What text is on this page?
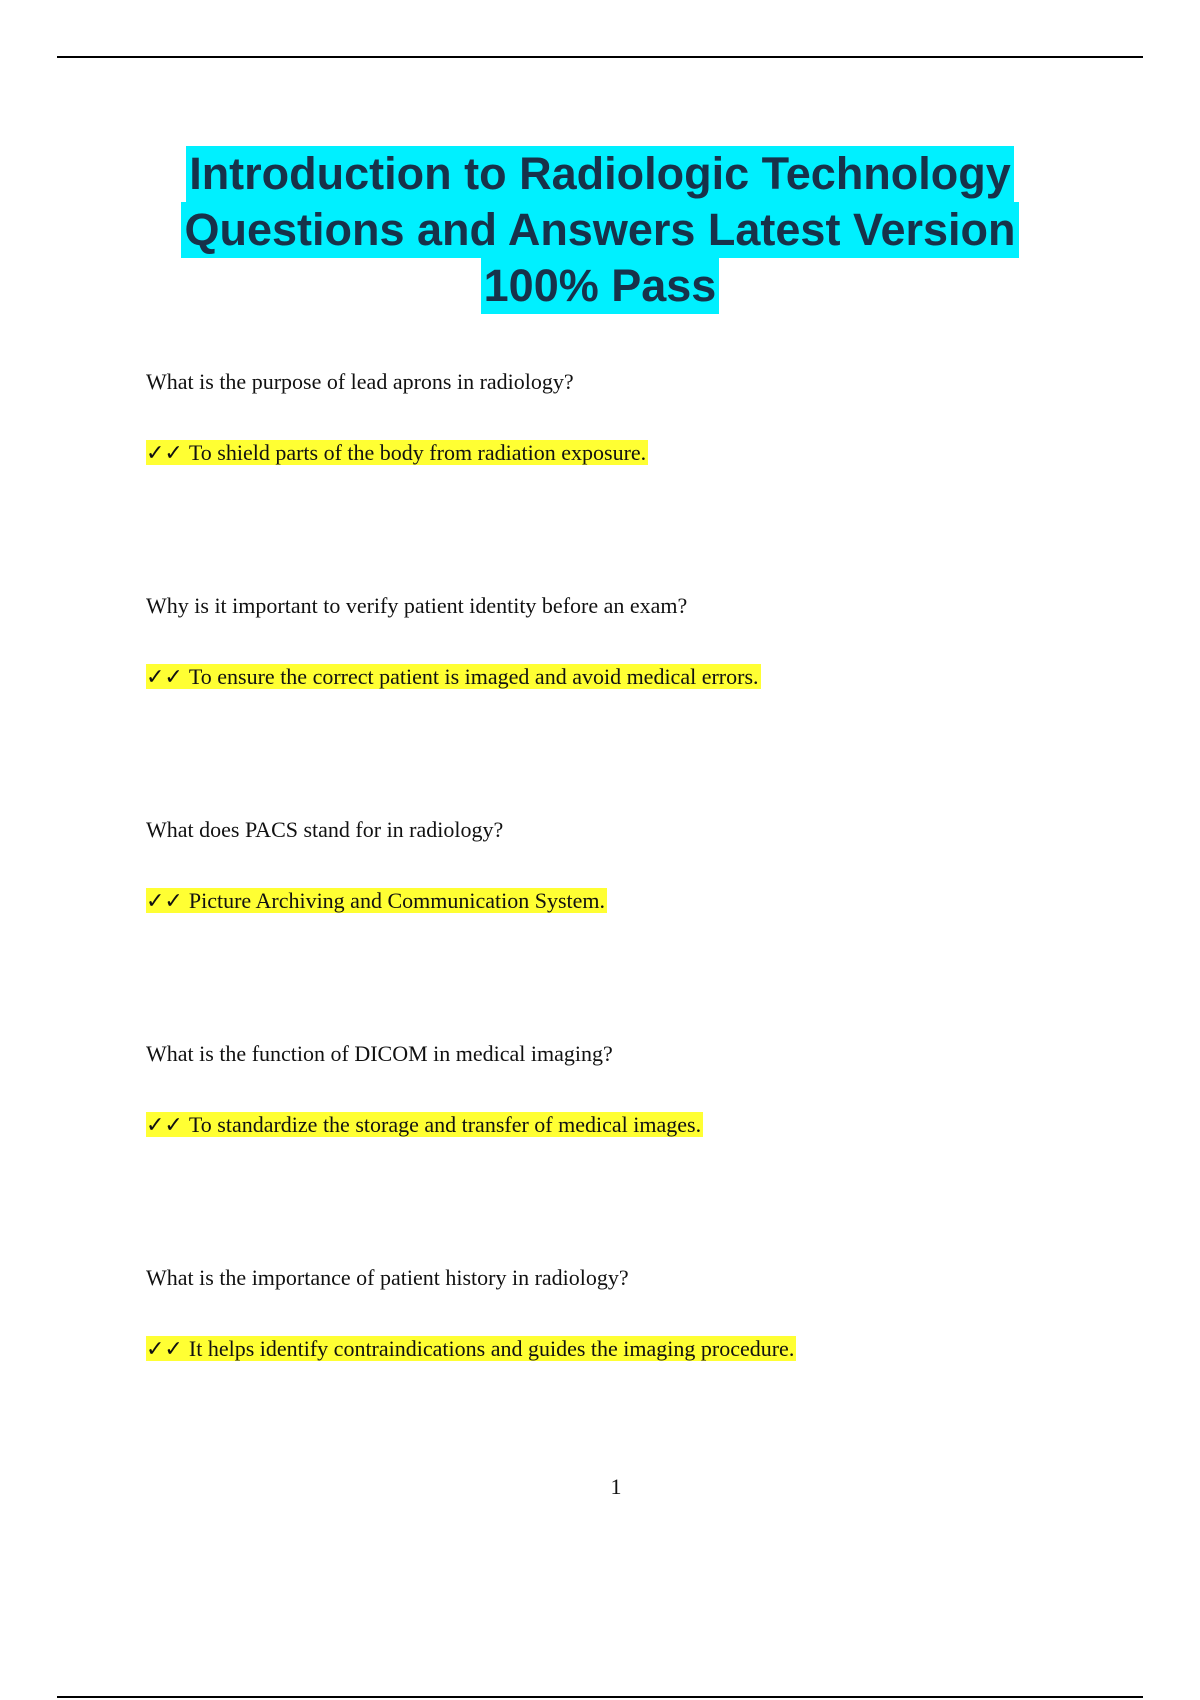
Introduction to Radiologic Technology
Questions and Answers Latest Version
100% Pass
What is the purpose of lead aprons in radiology?
✓✓ To shield parts of the body from radiation exposure.
Why is it important to verify patient identity before an exam?
✓✓ To ensure the correct patient is imaged and avoid medical errors.
What does PACS stand for in radiology?
✓✓ Picture Archiving and Communication System.
What is the function of DICOM in medical imaging?
✓✓ To standardize the storage and transfer of medical images.
What is the importance of patient history in radiology?
✓✓ It helps identify contraindications and guides the imaging procedure.
1
